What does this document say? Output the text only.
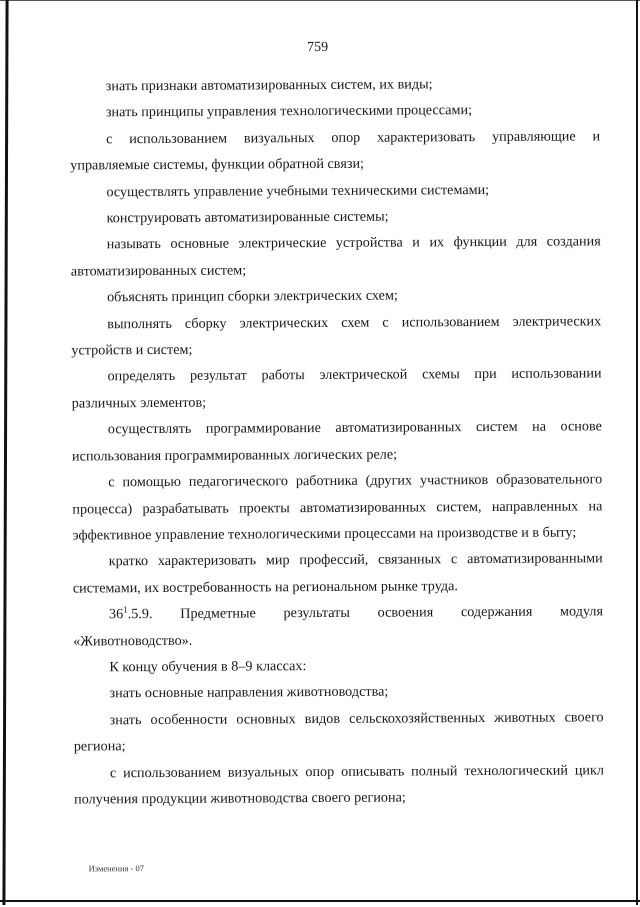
759

знать признаки автоматизированных систем, их виды;

знать принципы управления технологическими процессами;

с использованием визуальных опор характеризовать управляющие и управляемые системы, функции обратной связи;

осуществлять управление учебными техническими системами;

конструировать автоматизированные системы;

называть основные электрические устройства и их функции для создания автоматизированных систем;

объяснять принцип сборки электрических схем;

выполнять сборку электрических схем с использованием электрических устройств и систем;

определять результат работы электрической схемы при использовании различных элементов;

осуществлять программирование автоматизированных систем на основе использования программированных логических реле;

с помощью педагогического работника (других участников образовательного процесса) разрабатывать проекты автоматизированных систем, направленных на эффективное управление технологическими процессами на производстве и в быту;

кратко характеризовать мир профессий, связанных с автоматизированными системами, их востребованность на региональном рынке труда.

$36^1.5.9$. Предметные результаты освоения содержания модуля «Животноводство».

К концу обучения в 8–9 классах:

знать основные направления животноводства;

знать особенности основных видов сельскохозяйственных животных своего региона;

с использованием визуальных опор описывать полный технологический цикл получения продукции животноводства своего региона;

Изменения - 07
